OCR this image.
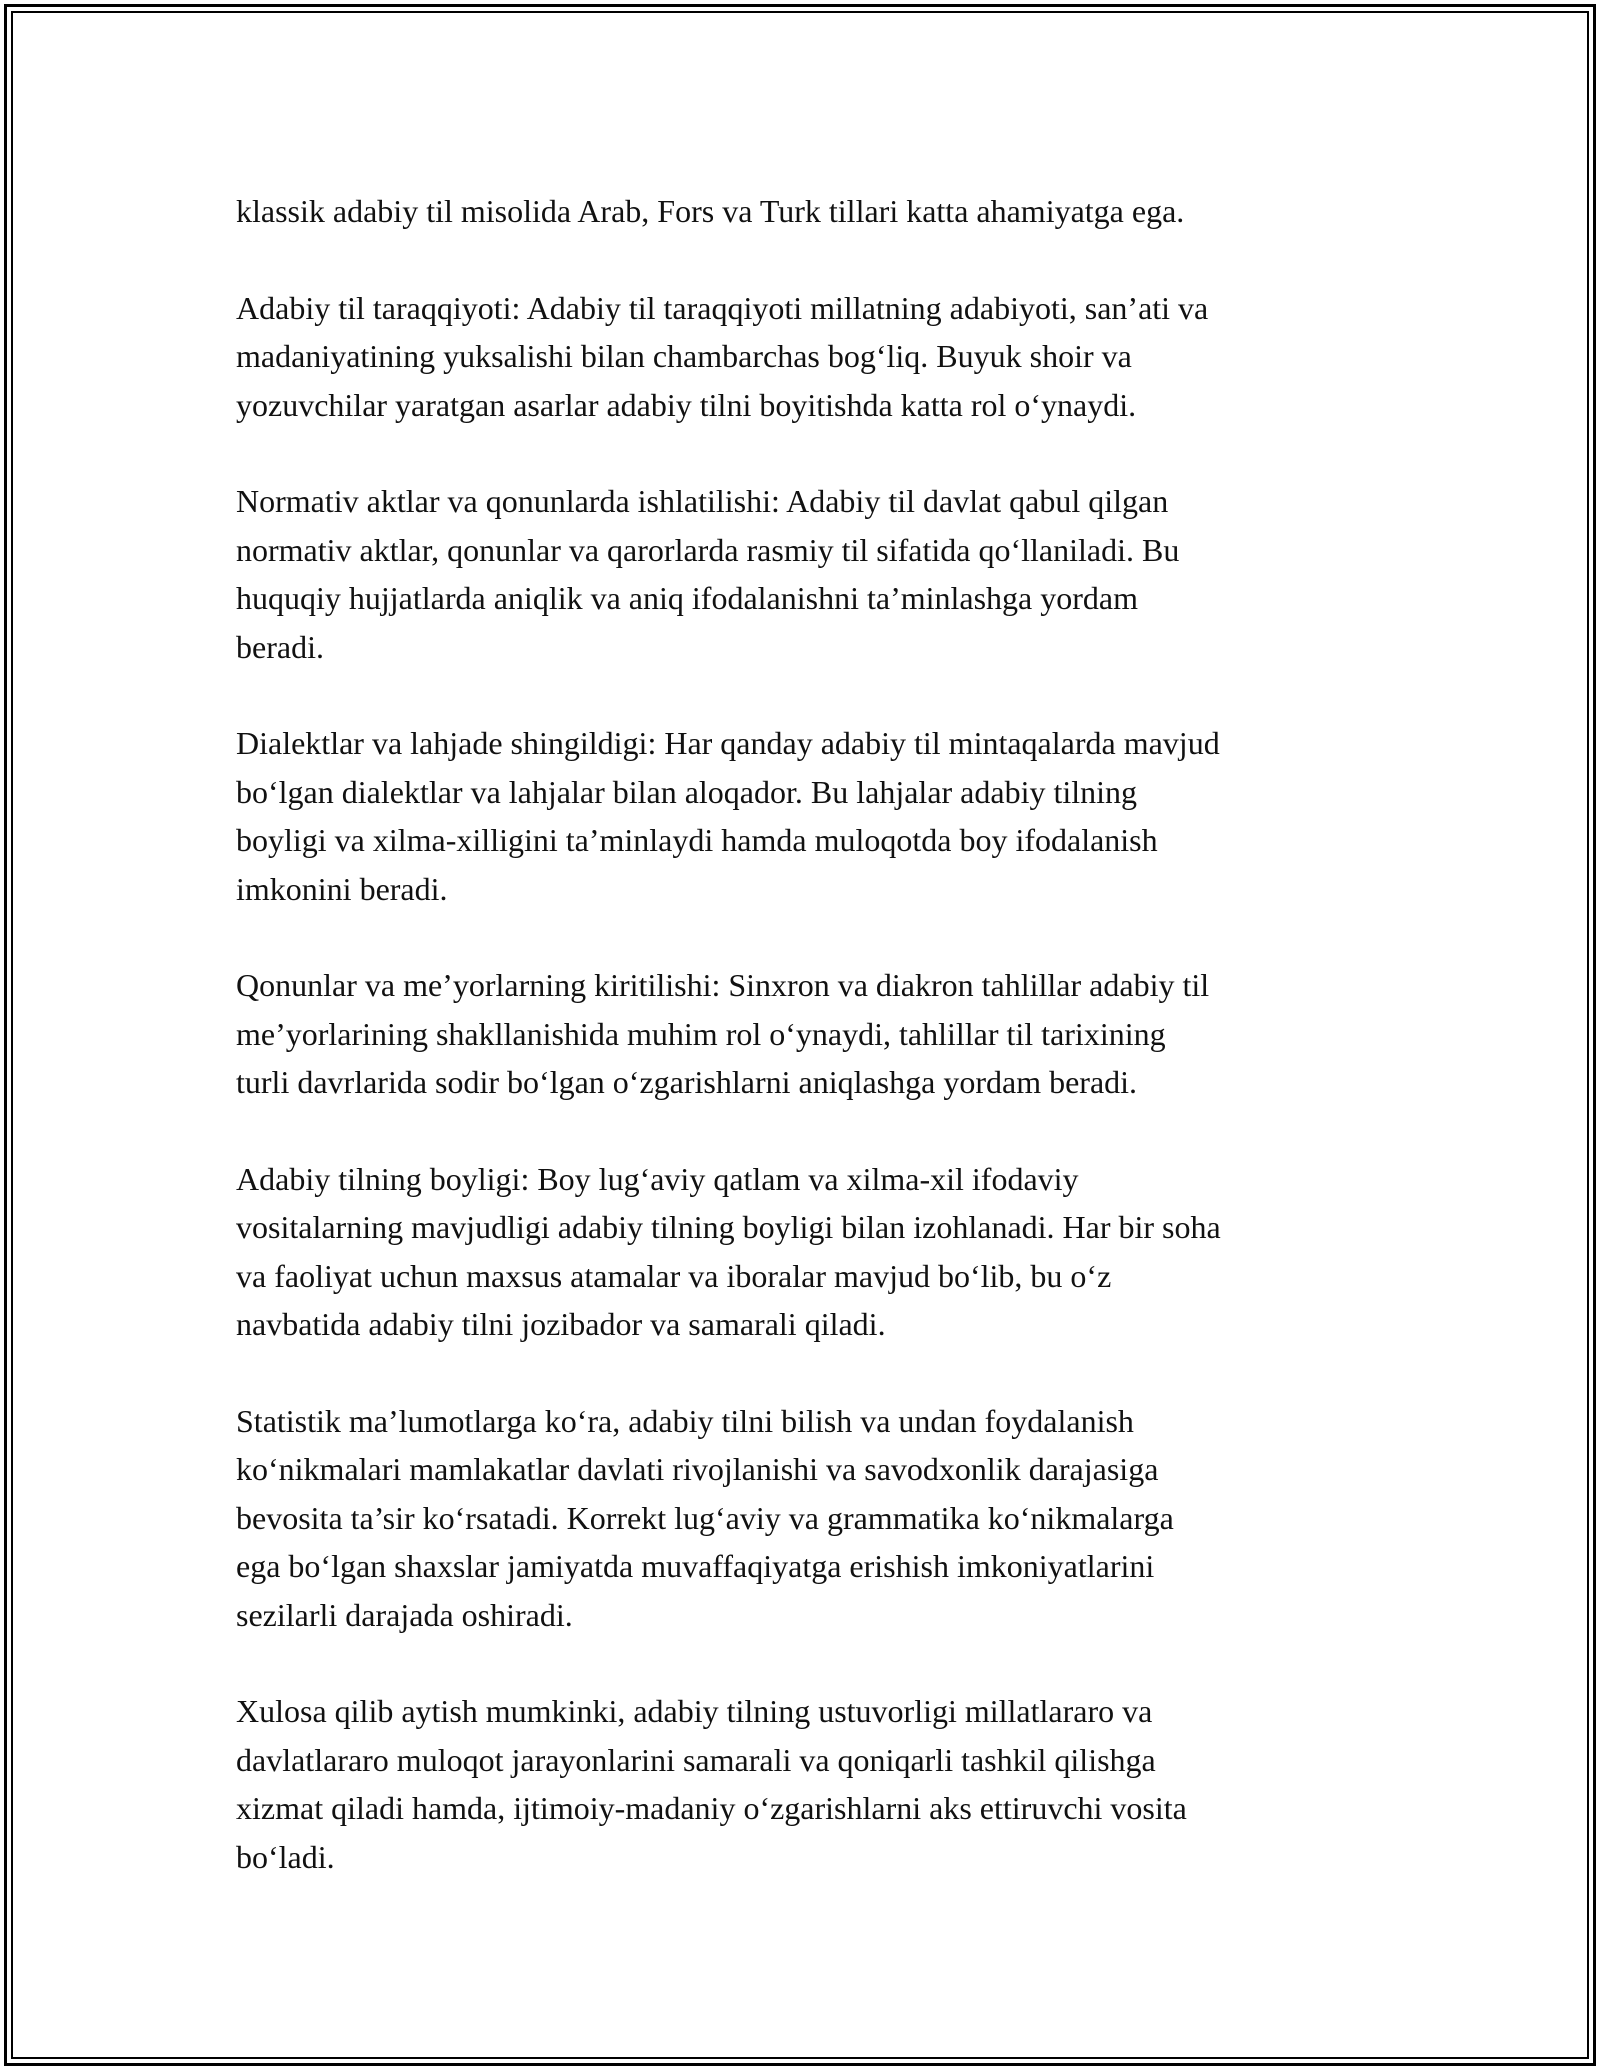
klassik adabiy til misolida Arab, Fors va Turk tillari katta ahamiyatga ega.

Adabiy til taraqqiyoti: Adabiy til taraqqiyoti millatning adabiyoti, san’ati va
madaniyatining yuksalishi bilan chambarchas bog‘liq. Buyuk shoir va
yozuvchilar yaratgan asarlar adabiy tilni boyitishda katta rol o‘ynaydi.

Normativ aktlar va qonunlarda ishlatilishi: Adabiy til davlat qabul qilgan
normativ aktlar, qonunlar va qarorlarda rasmiy til sifatida qo‘llaniladi. Bu
huquqiy hujjatlarda aniqlik va aniq ifodalanishni ta’minlashga yordam
beradi.

Dialektlar va lahjade shingildigi: Har qanday adabiy til mintaqalarda mavjud
bo‘lgan dialektlar va lahjalar bilan aloqador. Bu lahjalar adabiy tilning
boyligi va xilma-xilligini ta’minlaydi hamda muloqotda boy ifodalanish
imkonini beradi.

Qonunlar va me’yorlarning kiritilishi: Sinxron va diakron tahlillar adabiy til
me’yorlarining shakllanishida muhim rol o‘ynaydi, tahlillar til tarixining
turli davrlarida sodir bo‘lgan o‘zgarishlarni aniqlashga yordam beradi.

Adabiy tilning boyligi: Boy lug‘aviy qatlam va xilma-xil ifodaviy
vositalarning mavjudligi adabiy tilning boyligi bilan izohlanadi. Har bir soha
va faoliyat uchun maxsus atamalar va iboralar mavjud bo‘lib, bu o‘z
navbatida adabiy tilni jozibador va samarali qiladi.

Statistik ma’lumotlarga ko‘ra, adabiy tilni bilish va undan foydalanish
ko‘nikmalari mamlakatlar davlati rivojlanishi va savodxonlik darajasiga
bevosita ta’sir ko‘rsatadi. Korrekt lug‘aviy va grammatika ko‘nikmalarga
ega bo‘lgan shaxslar jamiyatda muvaffaqiyatga erishish imkoniyatlarini
sezilarli darajada oshiradi.

Xulosa qilib aytish mumkinki, adabiy tilning ustuvorligi millatlararo va
davlatlararo muloqot jarayonlarini samarali va qoniqarli tashkil qilishga
xizmat qiladi hamda, ijtimoiy-madaniy o‘zgarishlarni aks ettiruvchi vosita
bo‘ladi.
